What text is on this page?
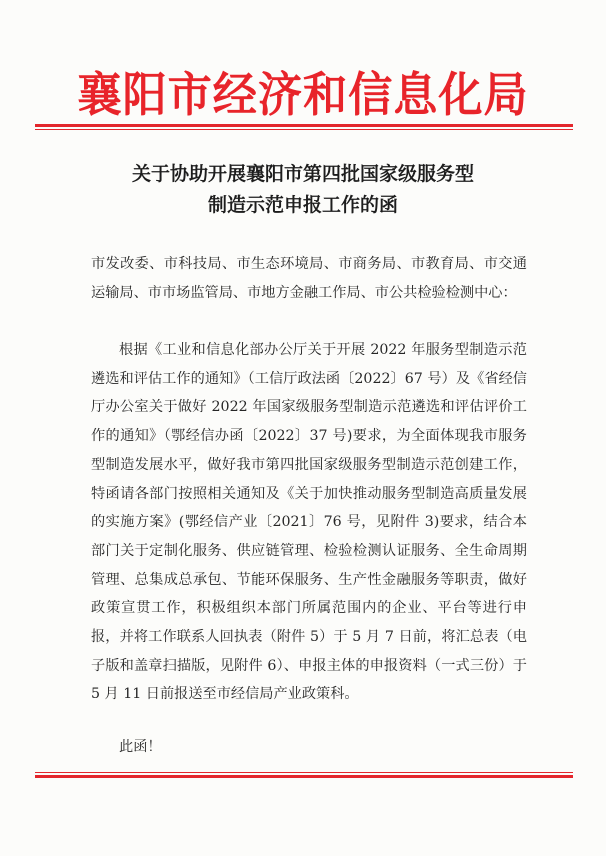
襄阳市经济和信息化局
关于协助开展襄阳市第四批国家级服务型
制造示范申报工作的函
市发改委、市科技局、市生态环境局、市商务局、市教育局、市交通运输局、市市场监管局、市地方金融工作局、市公共检验检测中心：
根据《工业和信息化部办公厅关于开展 2022 年服务型制造示范遴选和评估工作的通知》（工信厅政法函〔2022〕67 号）及《省经信厅办公室关于做好 2022 年国家级服务型制造示范遴选和评估评价工作的通知》（鄂经信办函〔2022〕37 号)要求，为全面体现我市服务型制造发展水平，做好我市第四批国家级服务型制造示范创建工作，特函请各部门按照相关通知及《关于加快推动服务型制造高质量发展的实施方案》(鄂经信产业〔2021〕76 号，见附件 3)要求，结合本部门关于定制化服务、供应链管理、检验检测认证服务、全生命周期管理、总集成总承包、节能环保服务、生产性金融服务等职责，做好政策宣贯工作，积极组织本部门所属范围内的企业、平台等进行申报，并将工作联系人回执表（附件 5）于 5 月 7 日前，将汇总表（电子版和盖章扫描版，见附件 6）、申报主体的申报资料（一式三份）于 5 月 11 日前报送至市经信局产业政策科。
此函！
